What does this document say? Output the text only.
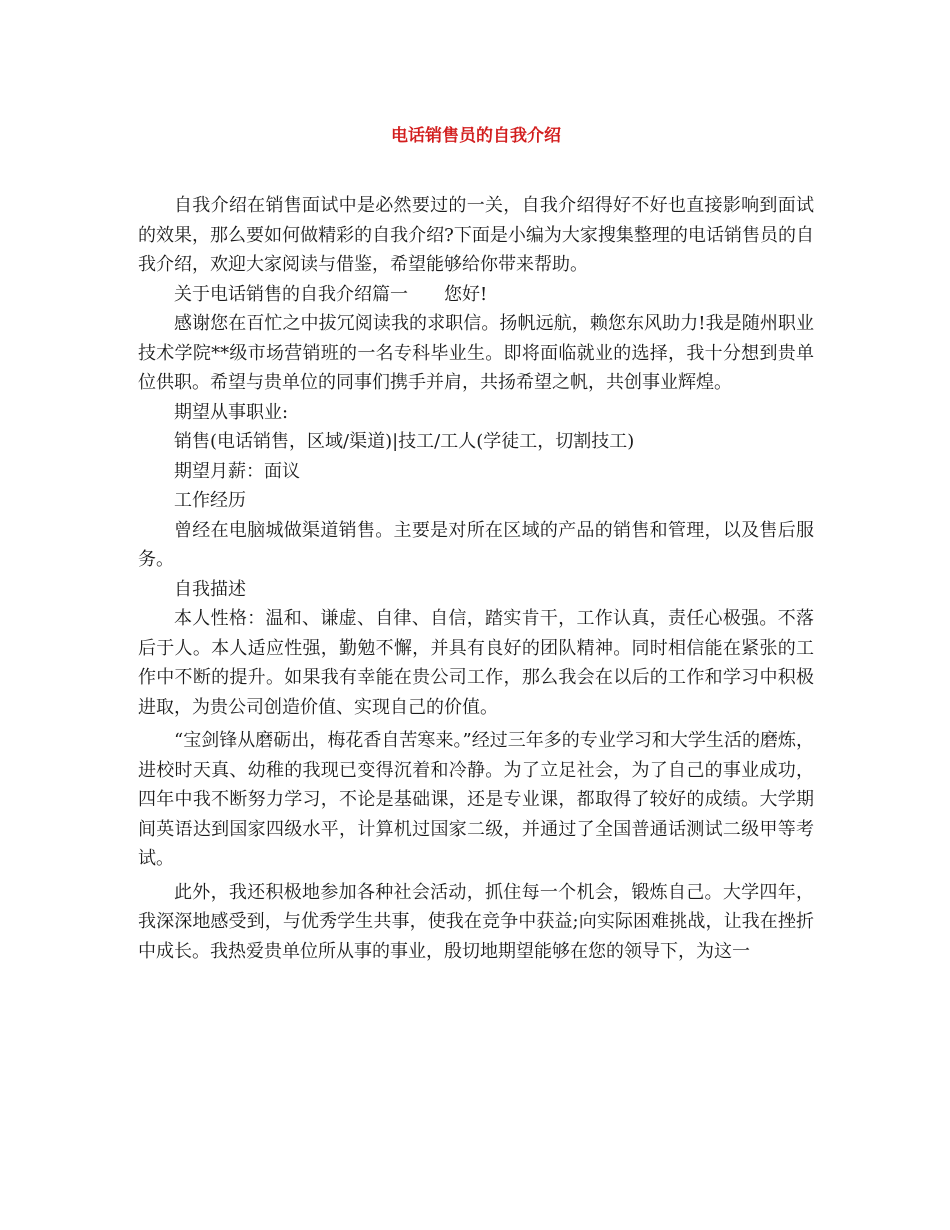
电话销售员的自我介绍

自我介绍在销售面试中是必然要过的一关，自我介绍得好不好也直接影响到面试的效果，那么要如何做精彩的自我介绍?下面是小编为大家搜集整理的电话销售员的自我介绍，欢迎大家阅读与借鉴，希望能够给你带来帮助。

关于电话销售的自我介绍篇一　　您好!

感谢您在百忙之中拔冗阅读我的求职信。扬帆远航，赖您东风助力!我是随州职业技术学院**级市场营销班的一名专科毕业生。即将面临就业的选择，我十分想到贵单位供职。希望与贵单位的同事们携手并肩，共扬希望之帆，共创事业辉煌。

期望从事职业:

销售(电话销售，区域/渠道)|技工/工人(学徒工，切割技工)

期望月薪：面议

工作经历

曾经在电脑城做渠道销售。主要是对所在区域的产品的销售和管理，以及售后服务。

自我描述

本人性格：温和、谦虚、自律、自信，踏实肯干，工作认真，责任心极强。不落后于人。本人适应性强，勤勉不懈，并具有良好的团队精神。同时相信能在紧张的工作中不断的提升。如果我有幸能在贵公司工作，那么我会在以后的工作和学习中积极进取，为贵公司创造价值、实现自己的价值。

“宝剑锋从磨砺出，梅花香自苦寒来。”经过三年多的专业学习和大学生活的磨炼，进校时天真、幼稚的我现已变得沉着和冷静。为了立足社会，为了自己的事业成功，四年中我不断努力学习，不论是基础课，还是专业课，都取得了较好的成绩。大学期间英语达到国家四级水平，计算机过国家二级，并通过了全国普通话测试二级甲等考试。

此外，我还积极地参加各种社会活动，抓住每一个机会，锻炼自己。大学四年，我深深地感受到，与优秀学生共事，使我在竞争中获益;向实际困难挑战，让我在挫折中成长。我热爱贵单位所从事的事业，殷切地期望能够在您的领导下，为这一
